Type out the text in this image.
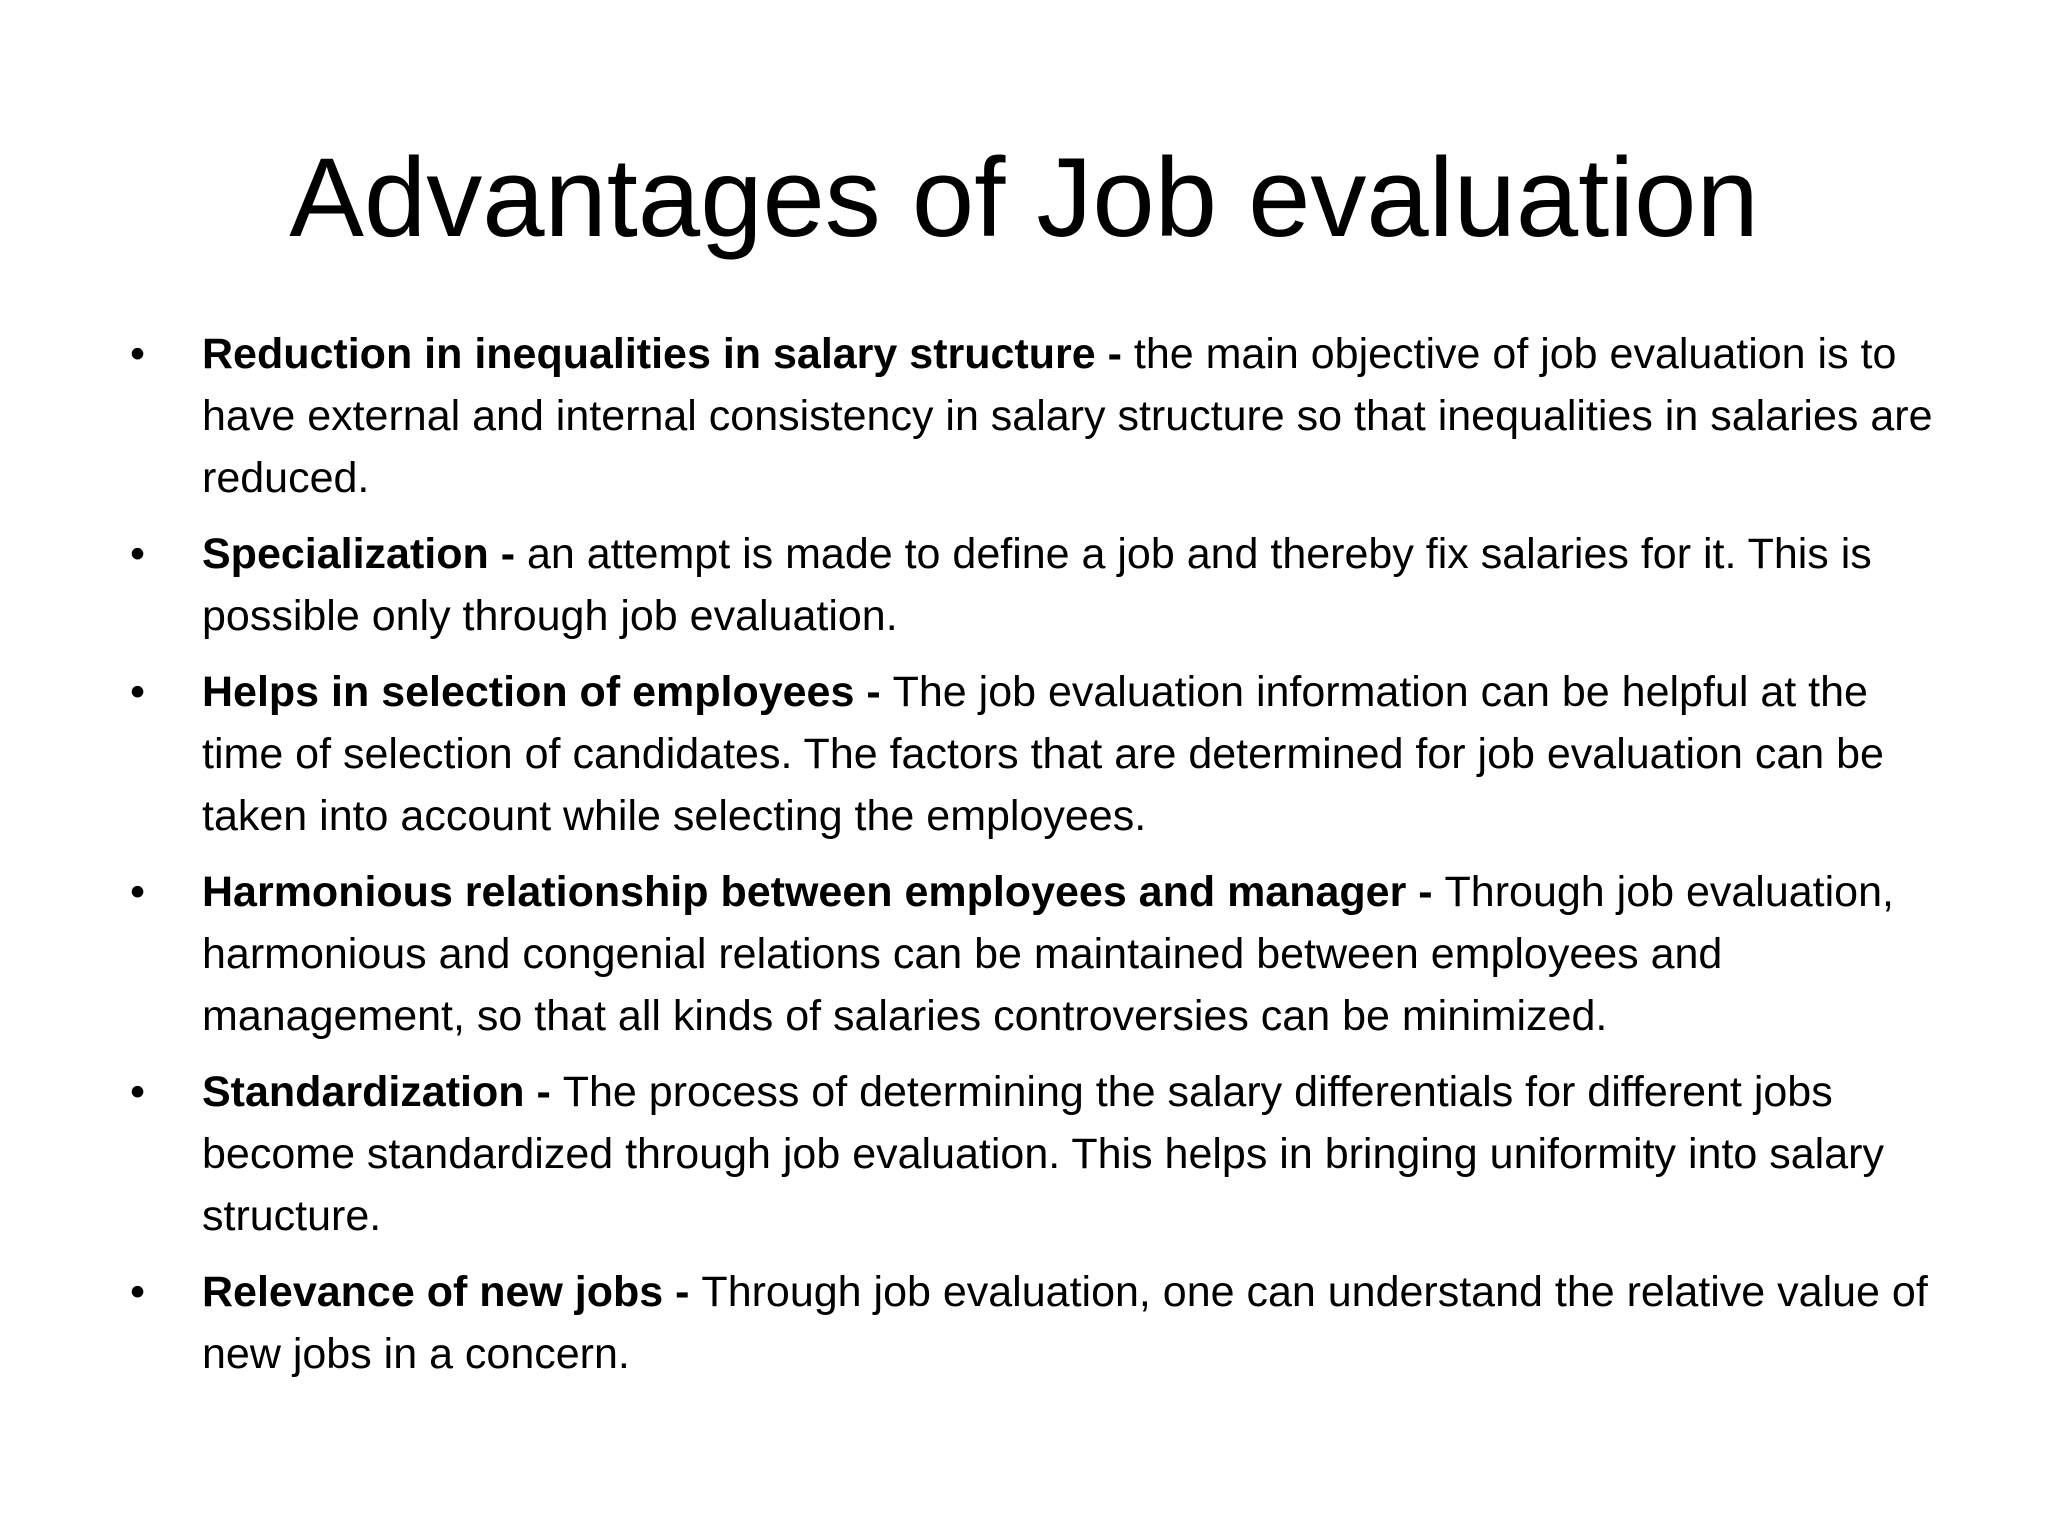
Advantages of Job evaluation
•	Reduction in inequalities in salary structure - the main objective of job evaluation is to have external and internal consistency in salary structure so that inequalities in salaries are reduced.
•	Specialization - an attempt is made to define a job and thereby fix salaries for it. This is possible only through job evaluation.
•	Helps in selection of employees - The job evaluation information can be helpful at the time of selection of candidates. The factors that are determined for job evaluation can be taken into account while selecting the employees.
•	Harmonious relationship between employees and manager - Through job evaluation, harmonious and congenial relations can be maintained between employees and management, so that all kinds of salaries controversies can be minimized.
•	Standardization - The process of determining the salary differentials for different jobs become standardized through job evaluation. This helps in bringing uniformity into salary structure.
•	Relevance of new jobs - Through job evaluation, one can understand the relative value of new jobs in a concern.
